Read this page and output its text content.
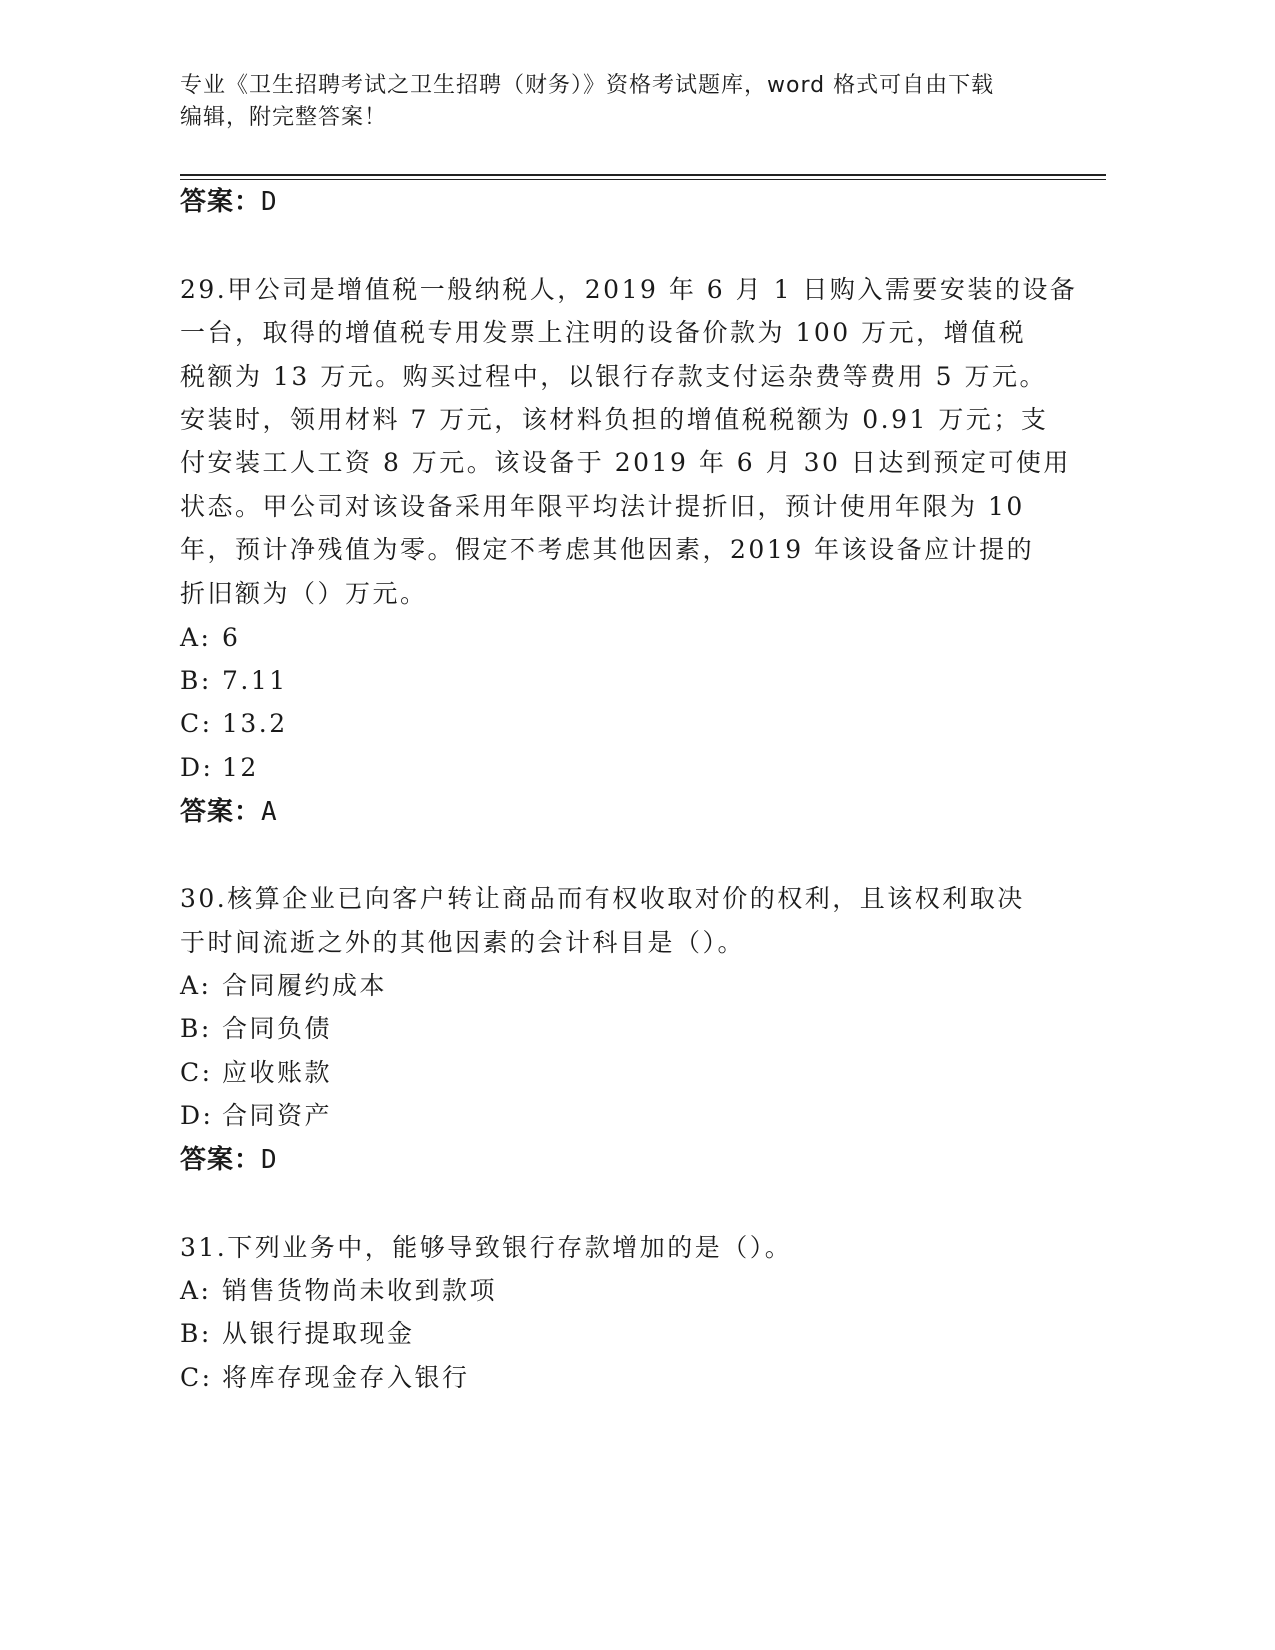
专业《卫生招聘考试之卫生招聘（财务）》资格考试题库，word 格式可自由下载
编辑，附完整答案！
答案：D
29.甲公司是增值税一般纳税人，2019 年 6 月 1 日购入需要安装的设备
一台，取得的增值税专用发票上注明的设备价款为 100 万元，增值税
税额为 13 万元。购买过程中，以银行存款支付运杂费等费用 5 万元。
安装时，领用材料 7 万元，该材料负担的增值税税额为 0.91 万元；支
付安装工人工资 8 万元。该设备于 2019 年 6 月 30 日达到预定可使用
状态。甲公司对该设备采用年限平均法计提折旧，预计使用年限为 10
年，预计净残值为零。假定不考虑其他因素，2019 年该设备应计提的
折旧额为（）万元。
A: 6
B: 7.11
C: 13.2
D: 12
答案：A
30.核算企业已向客户转让商品而有权收取对价的权利，且该权利取决
于时间流逝之外的其他因素的会计科目是（）。
A: 合同履约成本
B: 合同负债
C: 应收账款
D: 合同资产
答案：D
31.下列业务中，能够导致银行存款增加的是（）。
A: 销售货物尚未收到款项
B: 从银行提取现金
C: 将库存现金存入银行
